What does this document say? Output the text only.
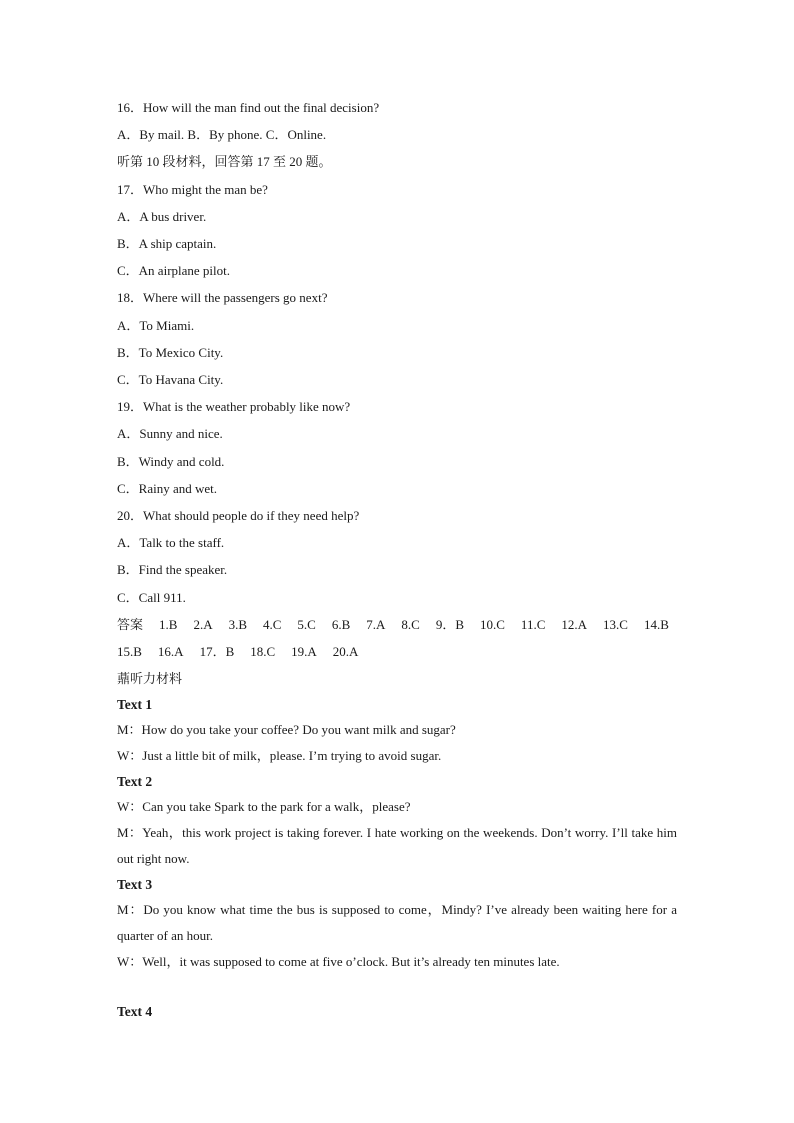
16．How will the man find out the final decision?
A．By mail. B．By phone. C．Online.
听第 10 段材料，回答第 17 至 20 题。
17．Who might the man be?
A．A bus driver.
B．A ship captain.
C．An airplane pilot.
18．Where will the passengers go next?
A．To Miami.
B．To Mexico City.
C．To Havana City.
19．What is the weather probably like now?
A．Sunny and nice.
B．Windy and cold.
C．Rainy and wet.
20．What should people do if they need help?
A．Talk to the staff.
B．Find the speaker.
C．Call 911.
答案 1.B 2.A 3.B 4.C 5.C 6.B 7.A 8.C 9．B 10.C 11.C 12.A 13.C 14.B
15.B 16.A 17．B 18.C 19.A 20.A
薡听力材料
Text 1
M：How do you take your coffee? Do you want milk and sugar?
W：Just a little bit of milk，please. I’m trying to avoid sugar.
Text 2
W：Can you take Spark to the park for a walk，please?
M：Yeah，this work project is taking forever. I hate working on the weekends. Don’t worry. I’ll take him out right now.
Text 3
M：Do you know what time the bus is supposed to come，Mindy? I’ve already been waiting here for a quarter of an hour.
W：Well，it was supposed to come at five o’clock. But it’s already ten minutes late.
Text 4
